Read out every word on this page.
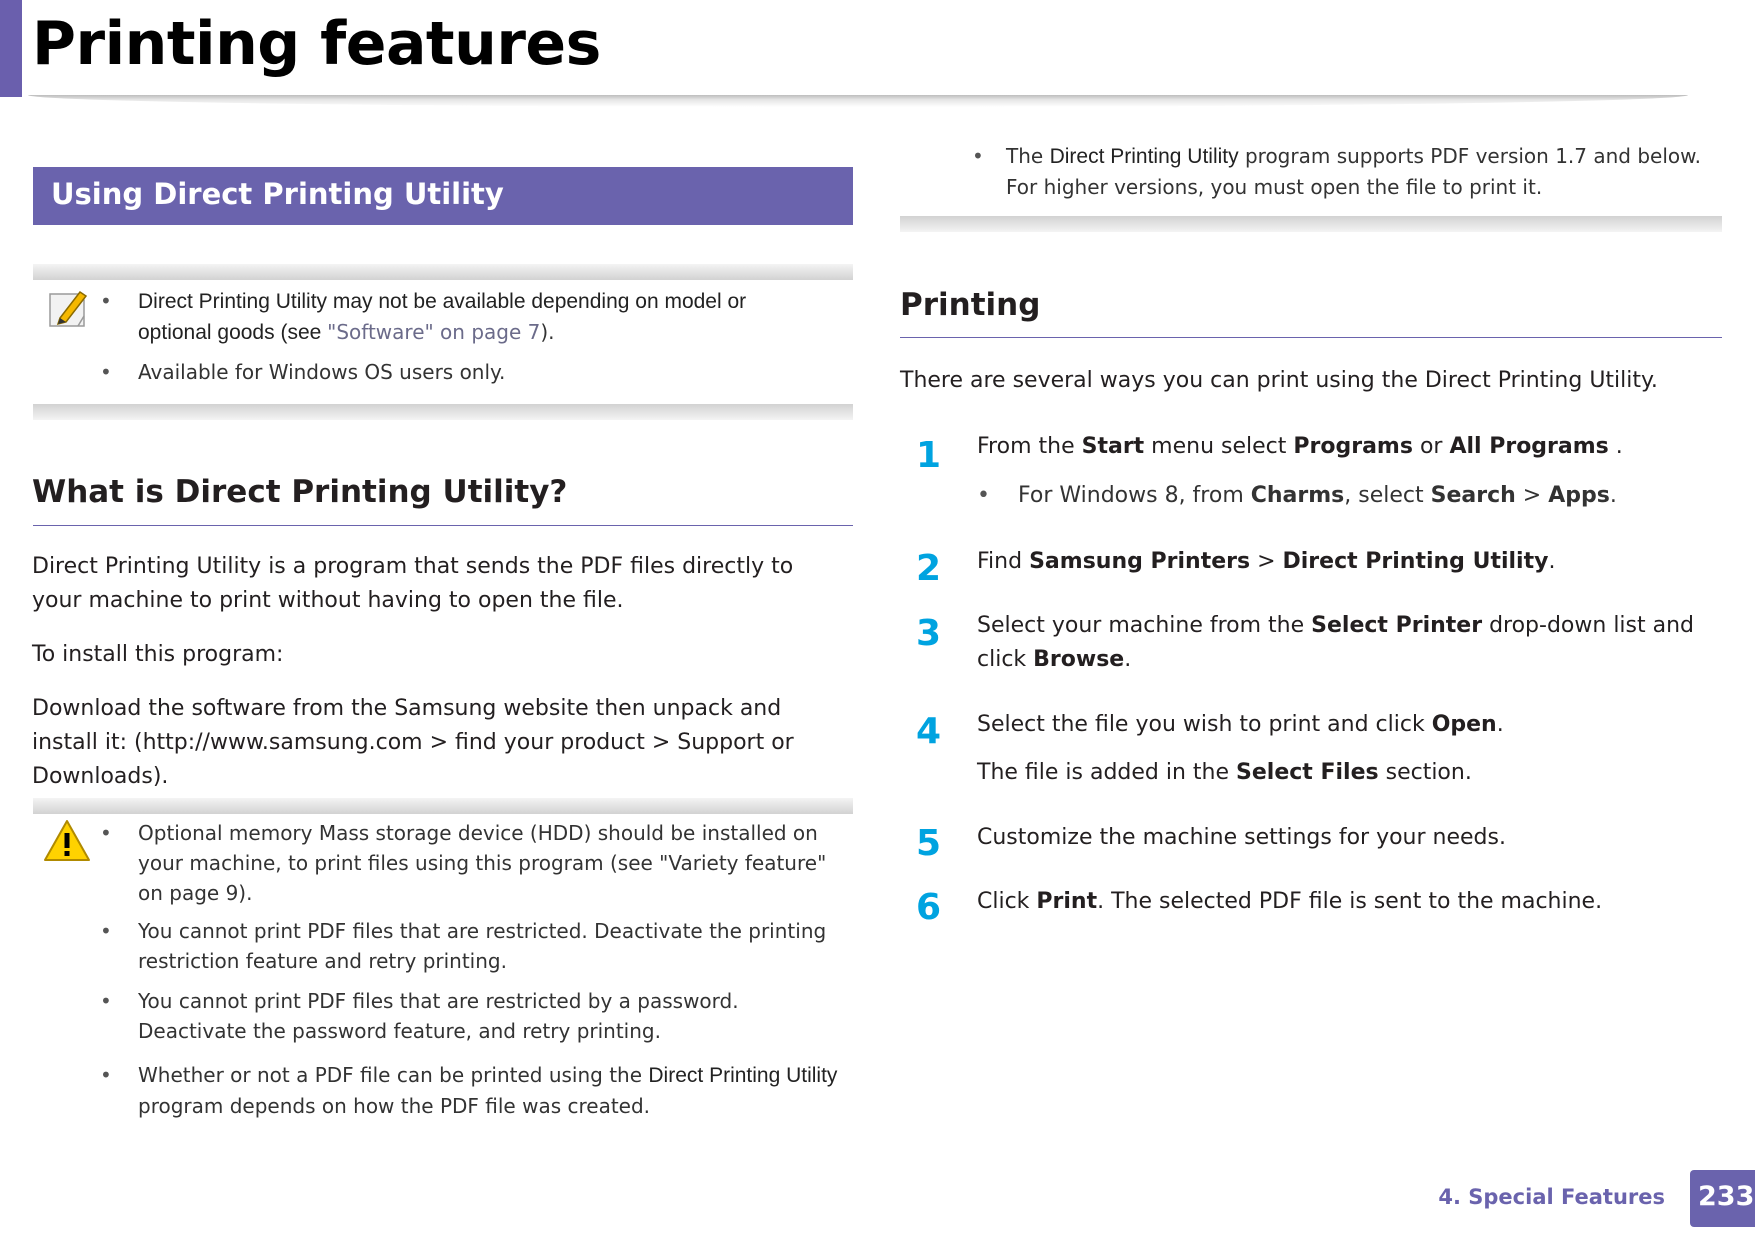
Printing features
Using Direct Printing Utility
• Direct Printing Utility may not be available depending on model or optional goods (see "Software" on page 7).
• Available for Windows OS users only.
What is Direct Printing Utility?
Direct Printing Utility is a program that sends the PDF files directly to your machine to print without having to open the file.
To install this program:
Download the software from the Samsung website then unpack and install it: (http://www.samsung.com > find your product > Support or Downloads).
• Optional memory Mass storage device (HDD) should be installed on your machine, to print files using this program (see "Variety feature" on page 9).
• You cannot print PDF files that are restricted. Deactivate the printing restriction feature and retry printing.
• You cannot print PDF files that are restricted by a password. Deactivate the password feature, and retry printing.
• Whether or not a PDF file can be printed using the Direct Printing Utility program depends on how the PDF file was created.
• The Direct Printing Utility program supports PDF version 1.7 and below. For higher versions, you must open the file to print it.
Printing
There are several ways you can print using the Direct Printing Utility.
1 From the Start menu select Programs or All Programs .
• For Windows 8, from Charms, select Search > Apps.
2 Find Samsung Printers > Direct Printing Utility.
3 Select your machine from the Select Printer drop-down list and click Browse.
4 Select the file you wish to print and click Open.
The file is added in the Select Files section.
5 Customize the machine settings for your needs.
6 Click Print. The selected PDF file is sent to the machine.
4. Special Features 233
